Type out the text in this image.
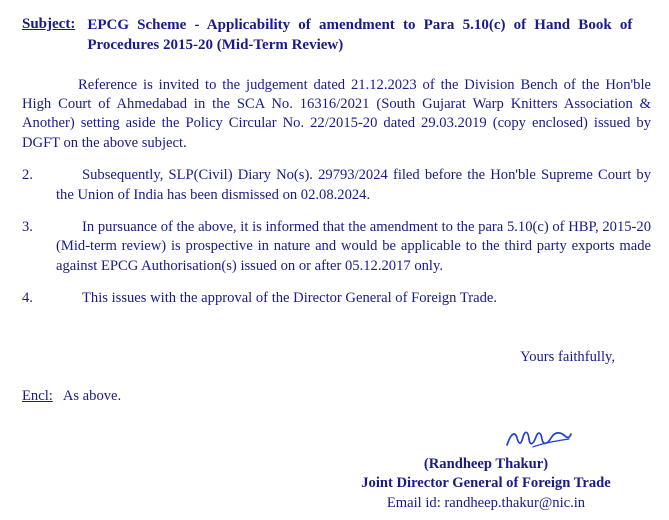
Subject: EPCG Scheme - Applicability of amendment to Para 5.10(c) of Hand Book of Procedures 2015-20 (Mid-Term Review)
Reference is invited to the judgement dated 21.12.2023 of the Division Bench of the Hon'ble High Court of Ahmedabad in the SCA No. 16316/2021 (South Gujarat Warp Knitters Association & Another) setting aside the Policy Circular No. 22/2015-20 dated 29.03.2019 (copy enclosed) issued by DGFT on the above subject.
2.	Subsequently, SLP(Civil) Diary No(s). 29793/2024 filed before the Hon'ble Supreme Court by the Union of India has been dismissed on 02.08.2024.
3.	In pursuance of the above, it is informed that the amendment to the para 5.10(c) of HBP, 2015-20 (Mid-term review) is prospective in nature and would be applicable to the third party exports made against EPCG Authorisation(s) issued on or after 05.12.2017 only.
4.	This issues with the approval of the Director General of Foreign Trade.
Yours faithfully,
Encl: As above.
(Randheep Thakur)
Joint Director General of Foreign Trade
Email id: randheep.thakur@nic.in
